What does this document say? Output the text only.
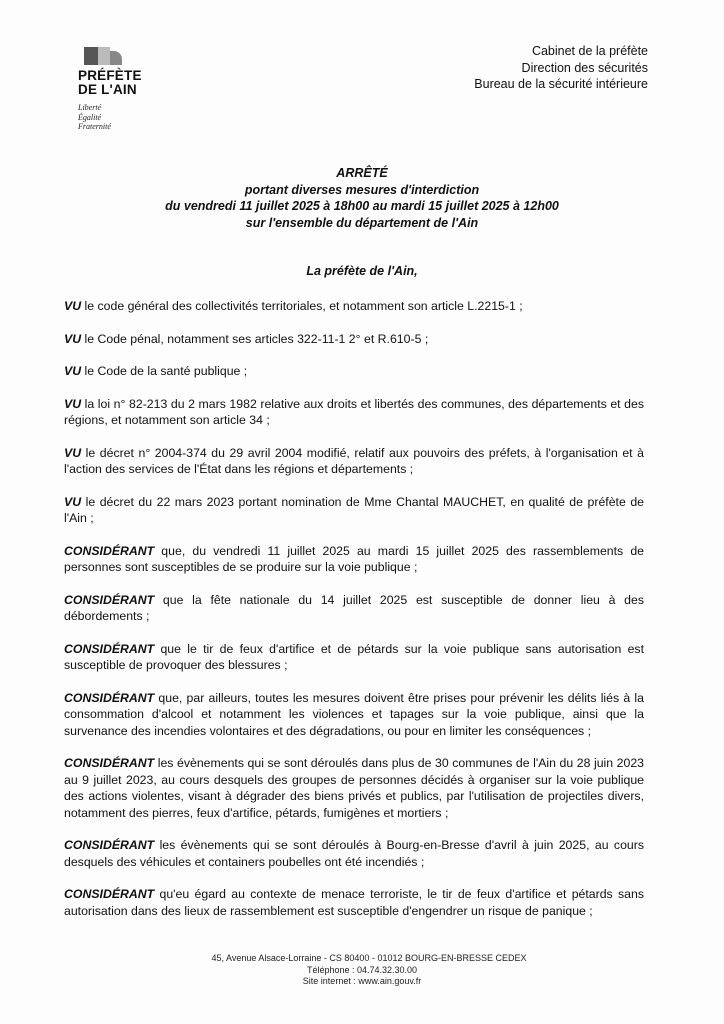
PRÉFÈTE
DE L'AIN
Liberté
Égalité
Fraternité
Cabinet de la préfète
Direction des sécurités
Bureau de la sécurité intérieure
ARRÊTÉ
portant diverses mesures d'interdiction
du vendredi 11 juillet 2025 à 18h00 au mardi 15 juillet 2025 à 12h00
sur l'ensemble du département de l'Ain
La préfète de l'Ain,

VU le code général des collectivités territoriales, et notamment son article L.2215-1 ;

VU le Code pénal, notamment ses articles 322-11-1 2° et R.610-5 ;

VU le Code de la santé publique ;

VU la loi n° 82-213 du 2 mars 1982 relative aux droits et libertés des communes, des départements et des régions, et notamment son article 34 ;

VU le décret n° 2004-374 du 29 avril 2004 modifié, relatif aux pouvoirs des préfets, à l'organisation et à l'action des services de l'État dans les régions et départements ;

VU le décret du 22 mars 2023 portant nomination de Mme Chantal MAUCHET, en qualité de préfète de l'Ain ;

CONSIDÉRANT que, du vendredi 11 juillet 2025 au mardi 15 juillet 2025 des rassemblements de personnes sont susceptibles de se produire sur la voie publique ;

CONSIDÉRANT que la fête nationale du 14 juillet 2025 est susceptible de donner lieu à des débordements ;

CONSIDÉRANT que le tir de feux d'artifice et de pétards sur la voie publique sans autorisation est susceptible de provoquer des blessures ;

CONSIDÉRANT que, par ailleurs, toutes les mesures doivent être prises pour prévenir les délits liés à la consommation d'alcool et notamment les violences et tapages sur la voie publique, ainsi que la survenance des incendies volontaires et des dégradations, ou pour en limiter les conséquences ;

CONSIDÉRANT les évènements qui se sont déroulés dans plus de 30 communes de l'Ain du 28 juin 2023 au 9 juillet 2023, au cours desquels des groupes de personnes décidés à organiser sur la voie publique des actions violentes, visant à dégrader des biens privés et publics, par l'utilisation de projectiles divers, notamment des pierres, feux d'artifice, pétards, fumigènes et mortiers ;

CONSIDÉRANT les évènements qui se sont déroulés à Bourg-en-Bresse d'avril à juin 2025, au cours desquels des véhicules et containers poubelles ont été incendiés ;

CONSIDÉRANT qu'eu égard au contexte de menace terroriste, le tir de feux d'artifice et pétards sans autorisation dans des lieux de rassemblement est susceptible d'engendrer un risque de panique ;

45, Avenue Alsace-Lorraine - CS 80400 - 01012 BOURG-EN-BRESSE CEDEX
Téléphone : 04.74.32.30.00
Site internet : www.ain.gouv.fr
